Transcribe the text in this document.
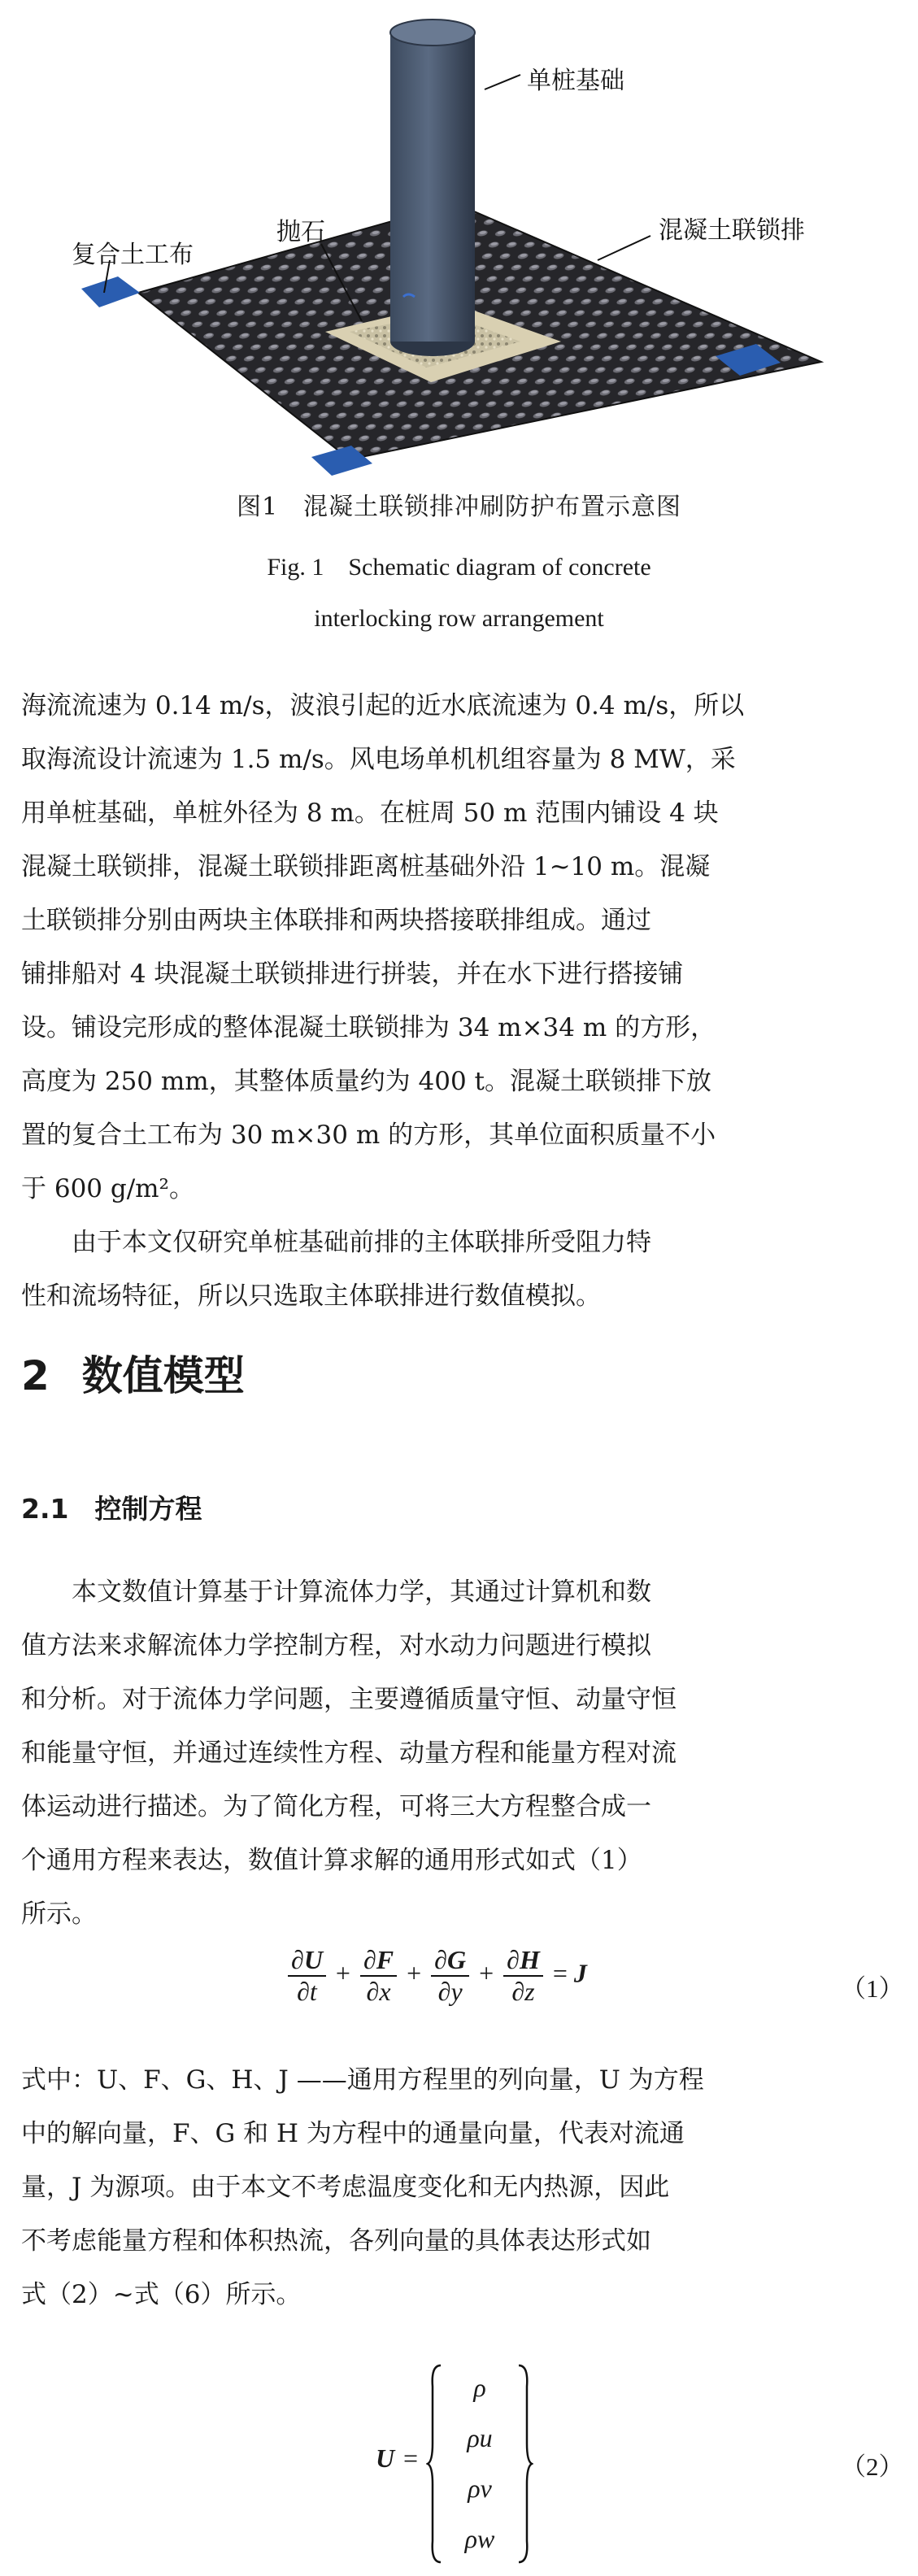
单桩基础
抛石
复合土工布
混凝土联锁排
图1　混凝土联锁排冲刷防护布置示意图
Fig. 1　Schematic diagram of concrete
interlocking row arrangement
海流流速为 0.14 m/s，波浪引起的近水底流速为 0.4 m/s，所以
取海流设计流速为 1.5 m/s。风电场单机机组容量为 8 MW，采
用单桩基础，单桩外径为 8 m。在桩周 50 m 范围内铺设 4 块
混凝土联锁排，混凝土联锁排距离桩基础外沿 1~10 m。混凝
土联锁排分别由两块主体联排和两块搭接联排组成。通过
铺排船对 4 块混凝土联锁排进行拼装，并在水下进行搭接铺
设。铺设完形成的整体混凝土联锁排为 34 m×34 m 的方形，
高度为 250 mm，其整体质量约为 400 t。混凝土联锁排下放
置的复合土工布为 30 m×30 m 的方形，其单位面积质量不小
于 600 g/m²。
由于本文仅研究单桩基础前排的主体联排所受阻力特
性和流场特征，所以只选取主体联排进行数值模拟。
2 数值模型
2.1 控制方程
本文数值计算基于计算流体力学，其通过计算机和数
值方法来求解流体力学控制方程，对水动力问题进行模拟
和分析。对于流体力学问题，主要遵循质量守恒、动量守恒
和能量守恒，并通过连续性方程、动量方程和能量方程对流
体运动进行描述。为了简化方程，可将三大方程整合成一
个通用方程来表达，数值计算求解的通用形式如式（1）
所示。
$\frac{\partial U}{\partial t} + \frac{\partial F}{\partial x} + \frac{\partial G}{\partial y} + \frac{\partial H}{\partial z} = J$
（1）
式中：U、F、G、H、J ——通用方程里的列向量，U 为方程
中的解向量，F、G 和 H 为方程中的通量向量，代表对流通
量，J 为源项。由于本文不考虑温度变化和无内热源，因此
不考虑能量方程和体积热流，各列向量的具体表达形式如
式（2）~式（6）所示。
U =
ρ
ρu
ρv
ρw
（2）
